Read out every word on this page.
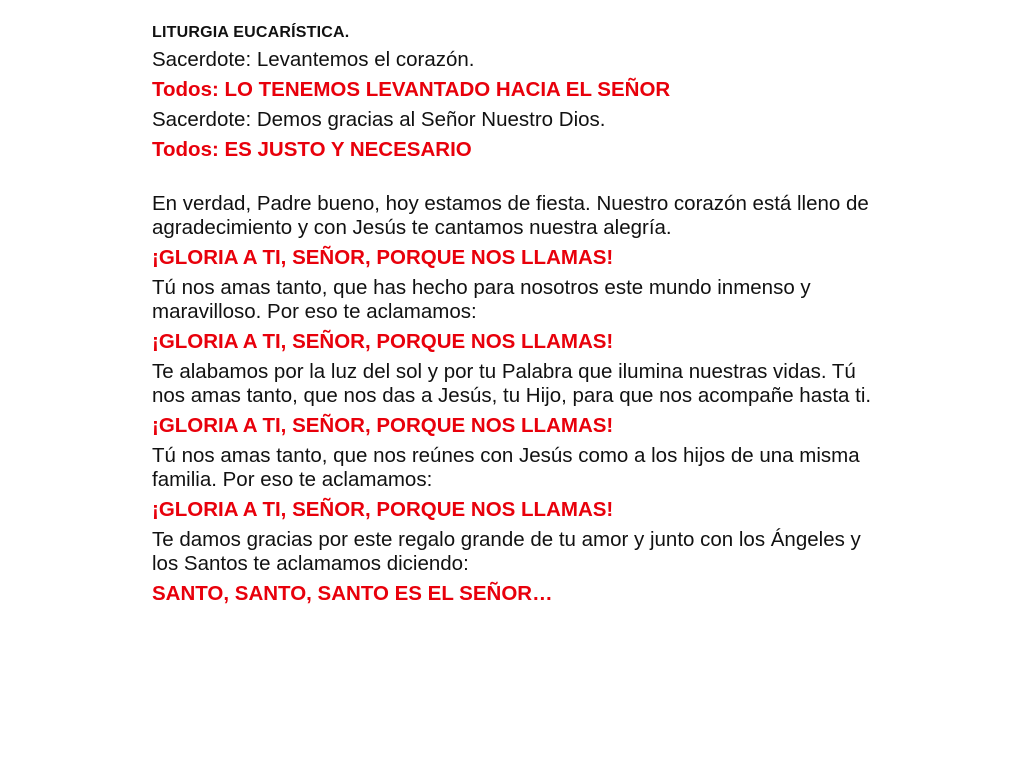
LITURGIA EUCARÍSTICA.
Sacerdote: Levantemos el corazón.
Todos: LO TENEMOS LEVANTADO HACIA EL SEÑOR
Sacerdote: Demos gracias al Señor Nuestro Dios.
Todos: ES JUSTO Y NECESARIO
En verdad, Padre bueno, hoy estamos de fiesta. Nuestro corazón está lleno de agradecimiento y con Jesús te cantamos nuestra alegría.
¡GLORIA A TI, SEÑOR, PORQUE NOS LLAMAS!
Tú nos amas tanto, que has hecho para nosotros este mundo inmenso y maravilloso. Por eso te aclamamos:
¡GLORIA A TI, SEÑOR, PORQUE NOS LLAMAS!
Te alabamos por la luz del sol y por tu Palabra que ilumina nuestras vidas. Tú nos amas tanto, que nos das a Jesús, tu Hijo, para que nos acompañe hasta ti.
¡GLORIA A TI, SEÑOR, PORQUE NOS LLAMAS!
Tú nos amas tanto, que nos reúnes con Jesús como a los hijos de una misma familia. Por eso te aclamamos:
¡GLORIA A TI, SEÑOR, PORQUE NOS LLAMAS!
Te damos gracias por este regalo grande de tu amor y junto con los Ángeles y los Santos te aclamamos diciendo:
SANTO, SANTO, SANTO ES EL SEÑOR…
